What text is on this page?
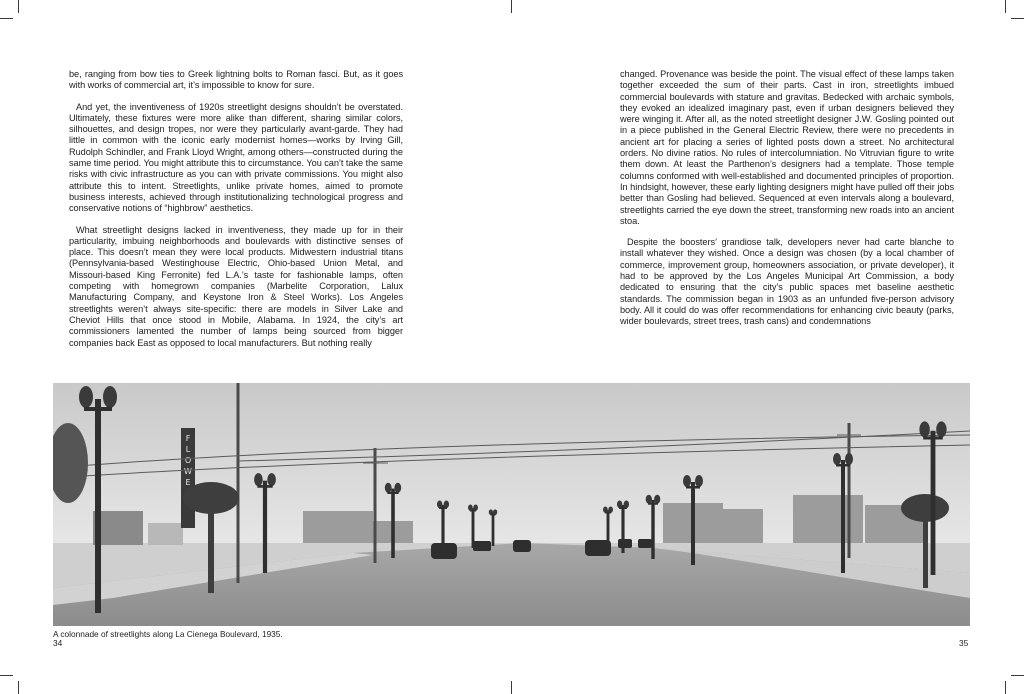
be, ranging from bow ties to Greek lightning bolts to Roman fasci. But, as it goes with works of commercial art, it’s impossible to know for sure.

And yet, the inventiveness of 1920s streetlight designs shouldn’t be overstated. Ultimately, these fixtures were more alike than different, sharing similar colors, silhouettes, and design tropes, nor were they particularly avant-garde. They had little in common with the iconic early modernist homes—works by Irving Gill, Rudolph Schindler, and Frank Lloyd Wright, among others—constructed during the same time period. You might attribute this to circumstance. You can’t take the same risks with civic infrastructure as you can with private commissions. You might also attribute this to intent. Streetlights, unlike private homes, aimed to promote business interests, achieved through institutionalizing technological progress and conservative notions of “highbrow” aesthetics.

What streetlight designs lacked in inventiveness, they made up for in their particularity, imbuing neighborhoods and boulevards with distinctive senses of place. This doesn’t mean they were local products. Midwestern industrial titans (Pennsylvania-based Westinghouse Electric, Ohio-based Union Metal, and Missouri-based King Ferronite) fed L.A.’s taste for fashionable lamps, often competing with homegrown companies (Marbelite Corporation, Lalux Manufacturing Company, and Keystone Iron & Steel Works). Los Angeles streetlights weren’t always site-specific: there are models in Silver Lake and Cheviot Hills that once stood in Mobile, Alabama. In 1924, the city’s art commissioners lamented the number of lamps being sourced from bigger companies back East as opposed to local manufacturers. But nothing really

changed. Provenance was beside the point. The visual effect of these lamps taken together exceeded the sum of their parts. Cast in iron, streetlights imbued commercial boulevards with stature and gravitas. Bedecked with archaic symbols, they evoked an idealized imaginary past, even if urban designers believed they were winging it. After all, as the noted streetlight designer J.W. Gosling pointed out in a piece published in the General Electric Review, there were no precedents in ancient art for placing a series of lighted posts down a street. No architectural orders. No divine ratios. No rules of intercolumniation. No Vitruvian figure to write them down. At least the Parthenon’s designers had a template. Those temple columns conformed with well-established and documented principles of proportion. In hindsight, however, these early lighting designers might have pulled off their jobs better than Gosling had believed. Sequenced at even intervals along a boulevard, streetlights carried the eye down the street, transforming new roads into an ancient stoa.

Despite the boosters’ grandiose talk, developers never had carte blanche to install whatever they wished. Once a design was chosen (by a local chamber of commerce, improvement group, homeowners association, or private developer), it had to be approved by the Los Angeles Municipal Art Commission, a body dedicated to ensuring that the city’s public spaces met baseline aesthetic standards. The commission began in 1903 as an unfunded five-person advisory body. All it could do was offer recommendations for enhancing civic beauty (parks, wider boulevards, street trees, trash cans) and condemnations

F
L
O
W
E
A colonnade of streetlights along La Cienega Boulevard, 1935.
34	35
